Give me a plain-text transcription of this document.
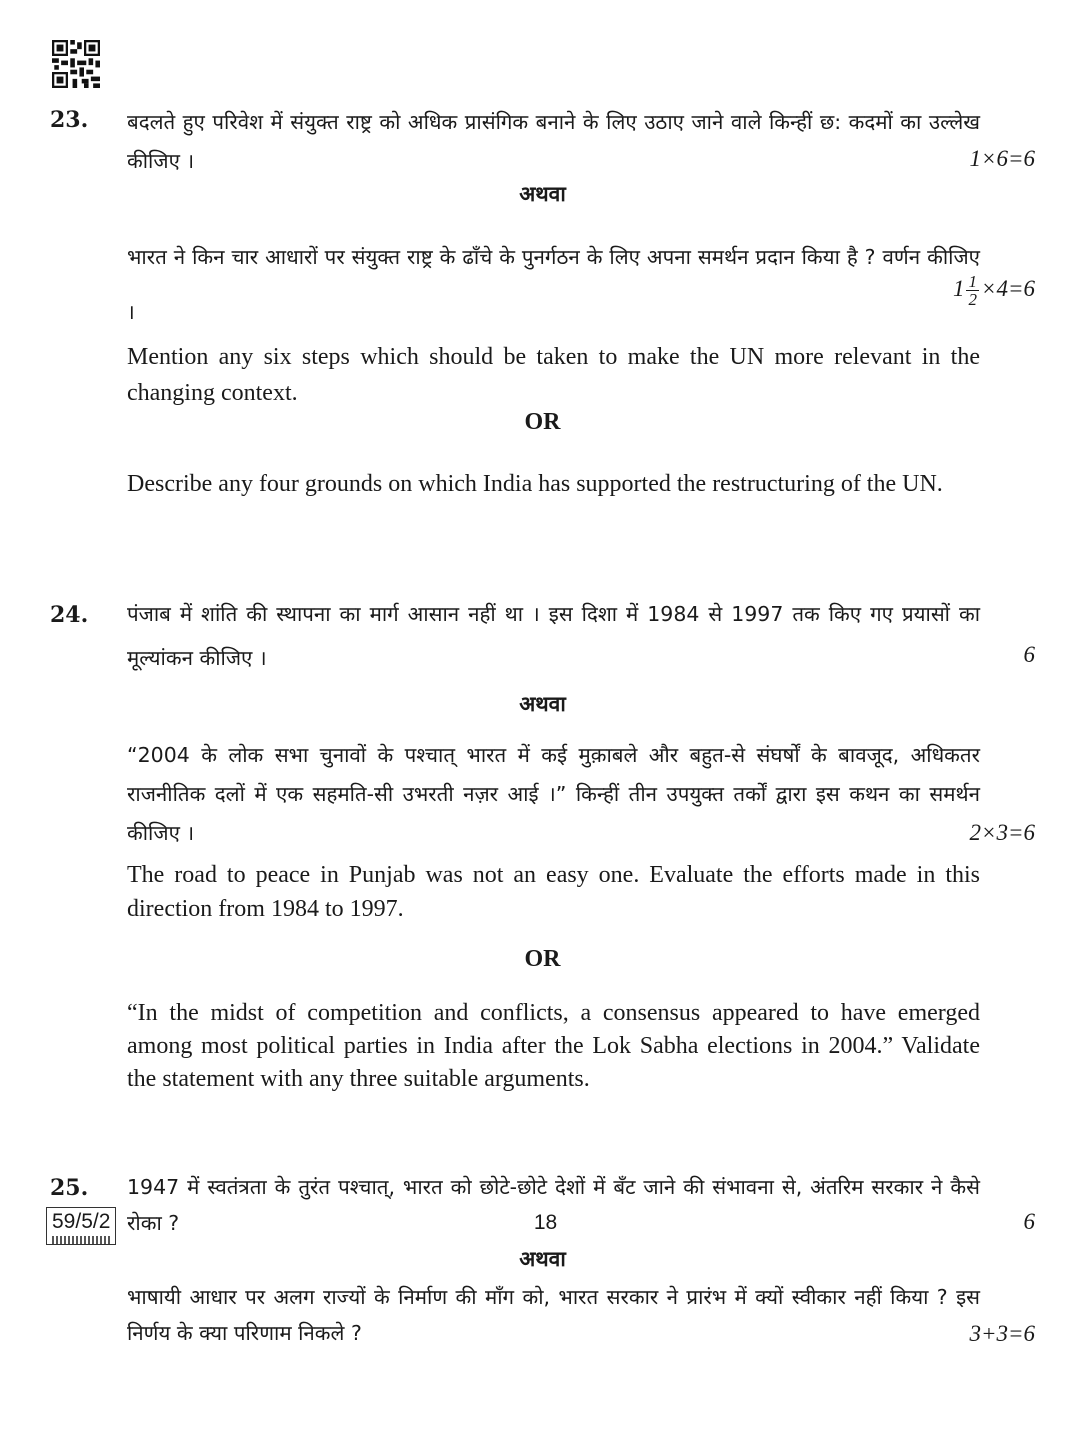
23. बदलते हुए परिवेश में संयुक्त राष्ट्र को अधिक प्रासंगिक बनाने के लिए उठाए जाने वाले किन्हीं छ: कदमों का उल्लेख कीजिए ।	1×6=6
अथवा
भारत ने किन चार आधारों पर संयुक्त राष्ट्र के ढाँचे के पुनर्गठन के लिए अपना समर्थन प्रदान किया है ? वर्णन कीजिए ।
$1 \frac{1}{2} \times 4=6$
Mention any six steps which should be taken to make the UN more relevant in the changing context.
OR
Describe any four grounds on which India has supported the restructuring of the UN.
24. पंजाब में शांति की स्थापना का मार्ग आसान नहीं था । इस दिशा में 1984 से 1997 तक किए गए प्रयासों का मूल्यांकन कीजिए ।	6
अथवा
“2004 के लोक सभा चुनावों के पश्चात् भारत में कई मुक़ाबले और बहुत-से संघर्षों के बावजूद, अधिकतर राजनीतिक दलों में एक सहमति-सी उभरती नज़र आई ।” किन्हीं तीन उपयुक्त तर्कों द्वारा इस कथन का समर्थन कीजिए ।	2×3=6
The road to peace in Punjab was not an easy one. Evaluate the efforts made in this direction from 1984 to 1997.
OR
“In the midst of competition and conflicts, a consensus appeared to have emerged among most political parties in India after the Lok Sabha elections in 2004.” Validate the statement with any three suitable arguments.
25. 1947 में स्वतंत्रता के तुरंत पश्चात्, भारत को छोटे-छोटे देशों में बँट जाने की संभावना से, अंतरिम सरकार ने कैसे रोका ?	6
अथवा
भाषायी आधार पर अलग राज्यों के निर्माण की माँग को, भारत सरकार ने प्रारंभ में क्यों स्वीकार नहीं किया ? इस निर्णय के क्या परिणाम निकले ?	3+3=6
59/5/2	18
